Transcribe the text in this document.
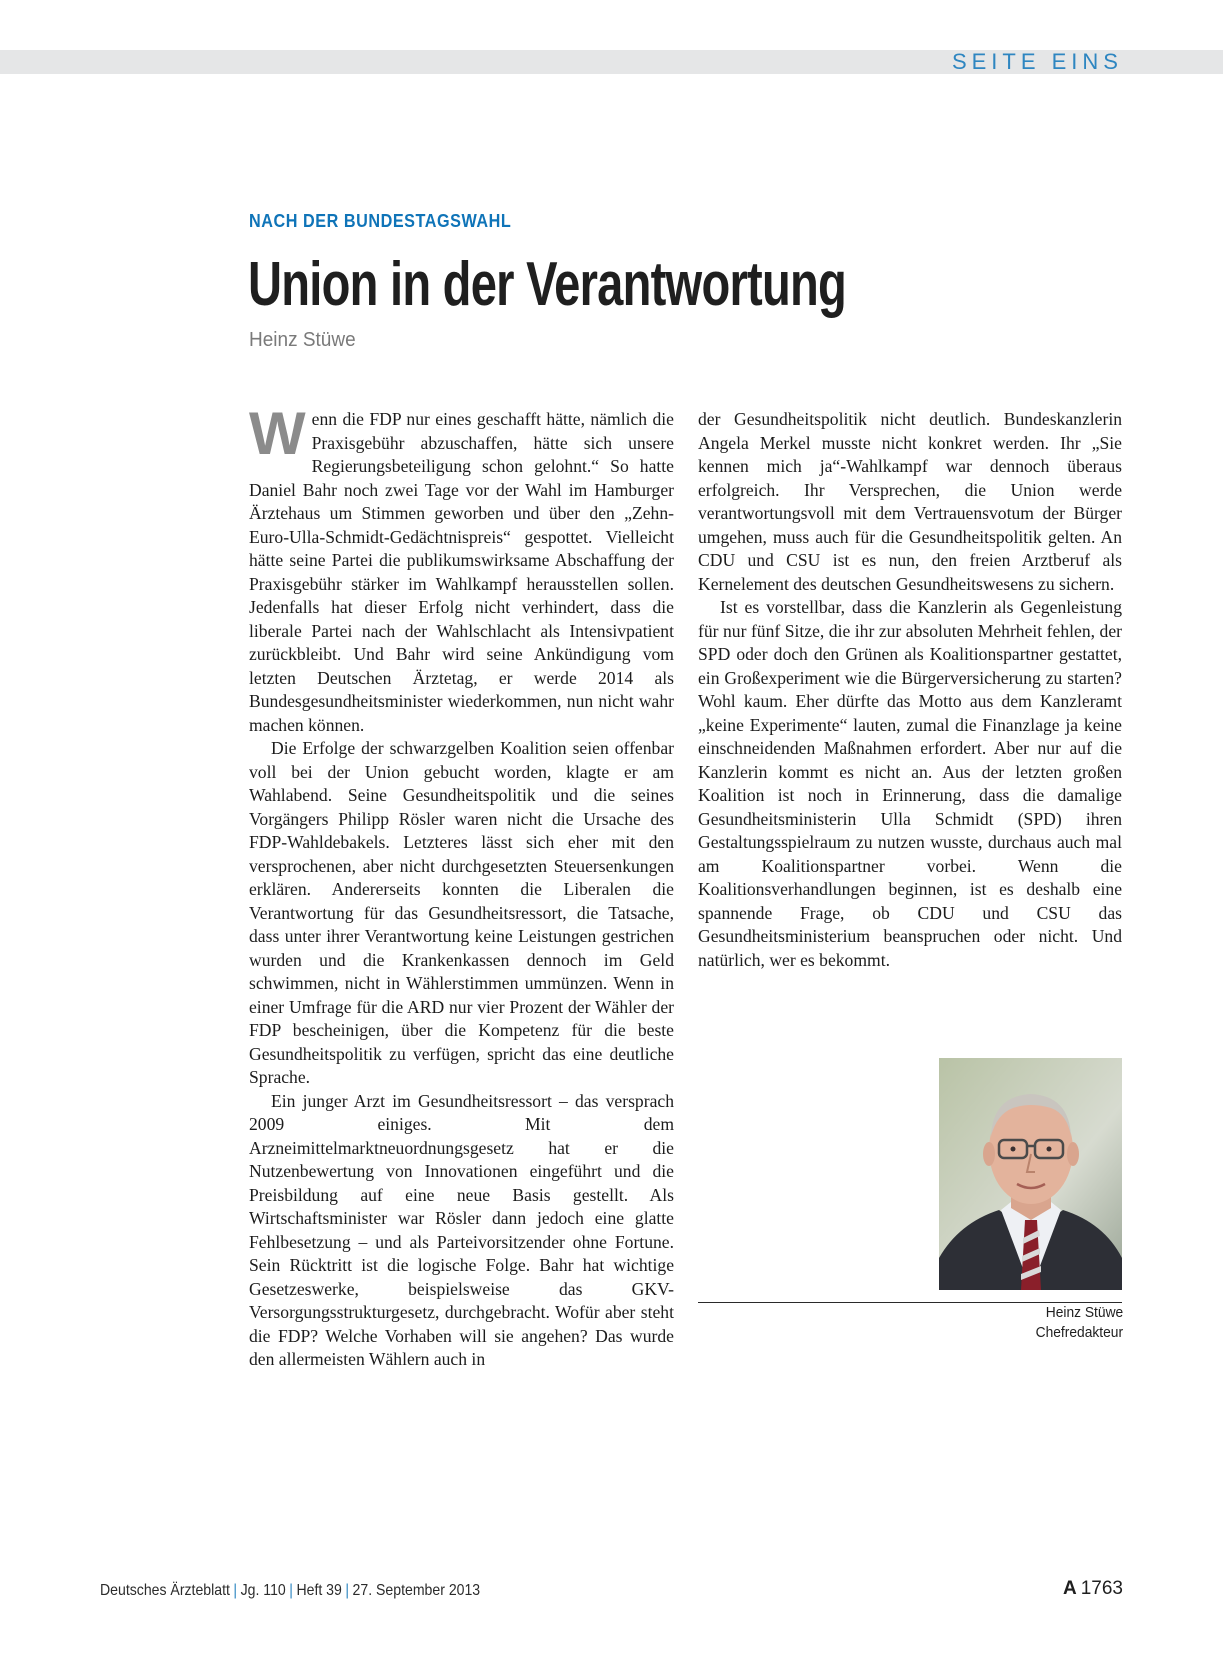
SEITE EINS
NACH DER BUNDESTAGSWAHL
Union in der Verantwortung
Heinz Stüwe

Wenn die FDP nur eines geschafft hätte, nämlich die Praxisgebühr abzuschaffen, hätte sich unsere Regierungsbeteiligung schon gelohnt.“ So hatte Daniel Bahr noch zwei Tage vor der Wahl im Hamburger Ärztehaus um Stimmen geworben und über den „Zehn-Euro-Ulla-Schmidt-Gedächtnispreis“ gespottet. Vielleicht hätte seine Partei die publikumswirksame Abschaffung der Praxisgebühr stärker im Wahlkampf herausstellen sollen. Jedenfalls hat dieser Erfolg nicht verhindert, dass die liberale Partei nach der Wahlschlacht als Intensivpatient zurückbleibt. Und Bahr wird seine Ankündigung vom letzten Deutschen Ärztetag, er werde 2014 als Bundesgesundheitsminister wiederkommen, nun nicht wahr machen können.

Die Erfolge der schwarzgelben Koalition seien offenbar voll bei der Union gebucht worden, klagte er am Wahlabend. Seine Gesundheitspolitik und die seines Vorgängers Philipp Rösler waren nicht die Ursache des FDP-Wahldebakels. Letzteres lässt sich eher mit den versprochenen, aber nicht durchgesetzten Steuersenkungen erklären. Andererseits konnten die Liberalen die Verantwortung für das Gesundheitsressort, die Tatsache, dass unter ihrer Verantwortung keine Leistungen gestrichen wurden und die Krankenkassen dennoch im Geld schwimmen, nicht in Wählerstimmen ummünzen. Wenn in einer Umfrage für die ARD nur vier Prozent der Wähler der FDP bescheinigen, über die Kompetenz für die beste Gesundheitspolitik zu verfügen, spricht das eine deutliche Sprache.

Ein junger Arzt im Gesundheitsressort – das versprach 2009 einiges. Mit dem Arzneimittelmarktneuordnungsgesetz hat er die Nutzenbewertung von Innovationen eingeführt und die Preisbildung auf eine neue Basis gestellt. Als Wirtschaftsminister war Rösler dann jedoch eine glatte Fehlbesetzung – und als Parteivorsitzender ohne Fortune. Sein Rücktritt ist die logische Folge. Bahr hat wichtige Gesetzeswerke, beispielsweise das GKV-Versorgungsstrukturgesetz, durchgebracht. Wofür aber steht die FDP? Welche Vorhaben will sie angehen? Das wurde den allermeisten Wählern auch in

der Gesundheitspolitik nicht deutlich. Bundeskanzlerin Angela Merkel musste nicht konkret werden. Ihr „Sie kennen mich ja“-Wahlkampf war dennoch überaus erfolgreich. Ihr Versprechen, die Union werde verantwortungsvoll mit dem Vertrauensvotum der Bürger umgehen, muss auch für die Gesundheitspolitik gelten. An CDU und CSU ist es nun, den freien Arztberuf als Kernelement des deutschen Gesundheitswesens zu sichern.

Ist es vorstellbar, dass die Kanzlerin als Gegenleistung für nur fünf Sitze, die ihr zur absoluten Mehrheit fehlen, der SPD oder doch den Grünen als Koalitionspartner gestattet, ein Großexperiment wie die Bürgerversicherung zu starten? Wohl kaum. Eher dürfte das Motto aus dem Kanzleramt „keine Experimente“ lauten, zumal die Finanzlage ja keine einschneidenden Maßnahmen erfordert. Aber nur auf die Kanzlerin kommt es nicht an. Aus der letzten großen Koalition ist noch in Erinnerung, dass die damalige Gesundheitsministerin Ulla Schmidt (SPD) ihren Gestaltungsspielraum zu nutzen wusste, durchaus auch mal am Koalitionspartner vorbei. Wenn die Koalitionsverhandlungen beginnen, ist es deshalb eine spannende Frage, ob CDU und CSU das Gesundheitsministerium beanspruchen oder nicht. Und natürlich, wer es bekommt.

Heinz Stüwe
Chefredakteur
Deutsches Ärzteblatt | Jg. 110 | Heft 39 | 27. September 2013	A 1763
